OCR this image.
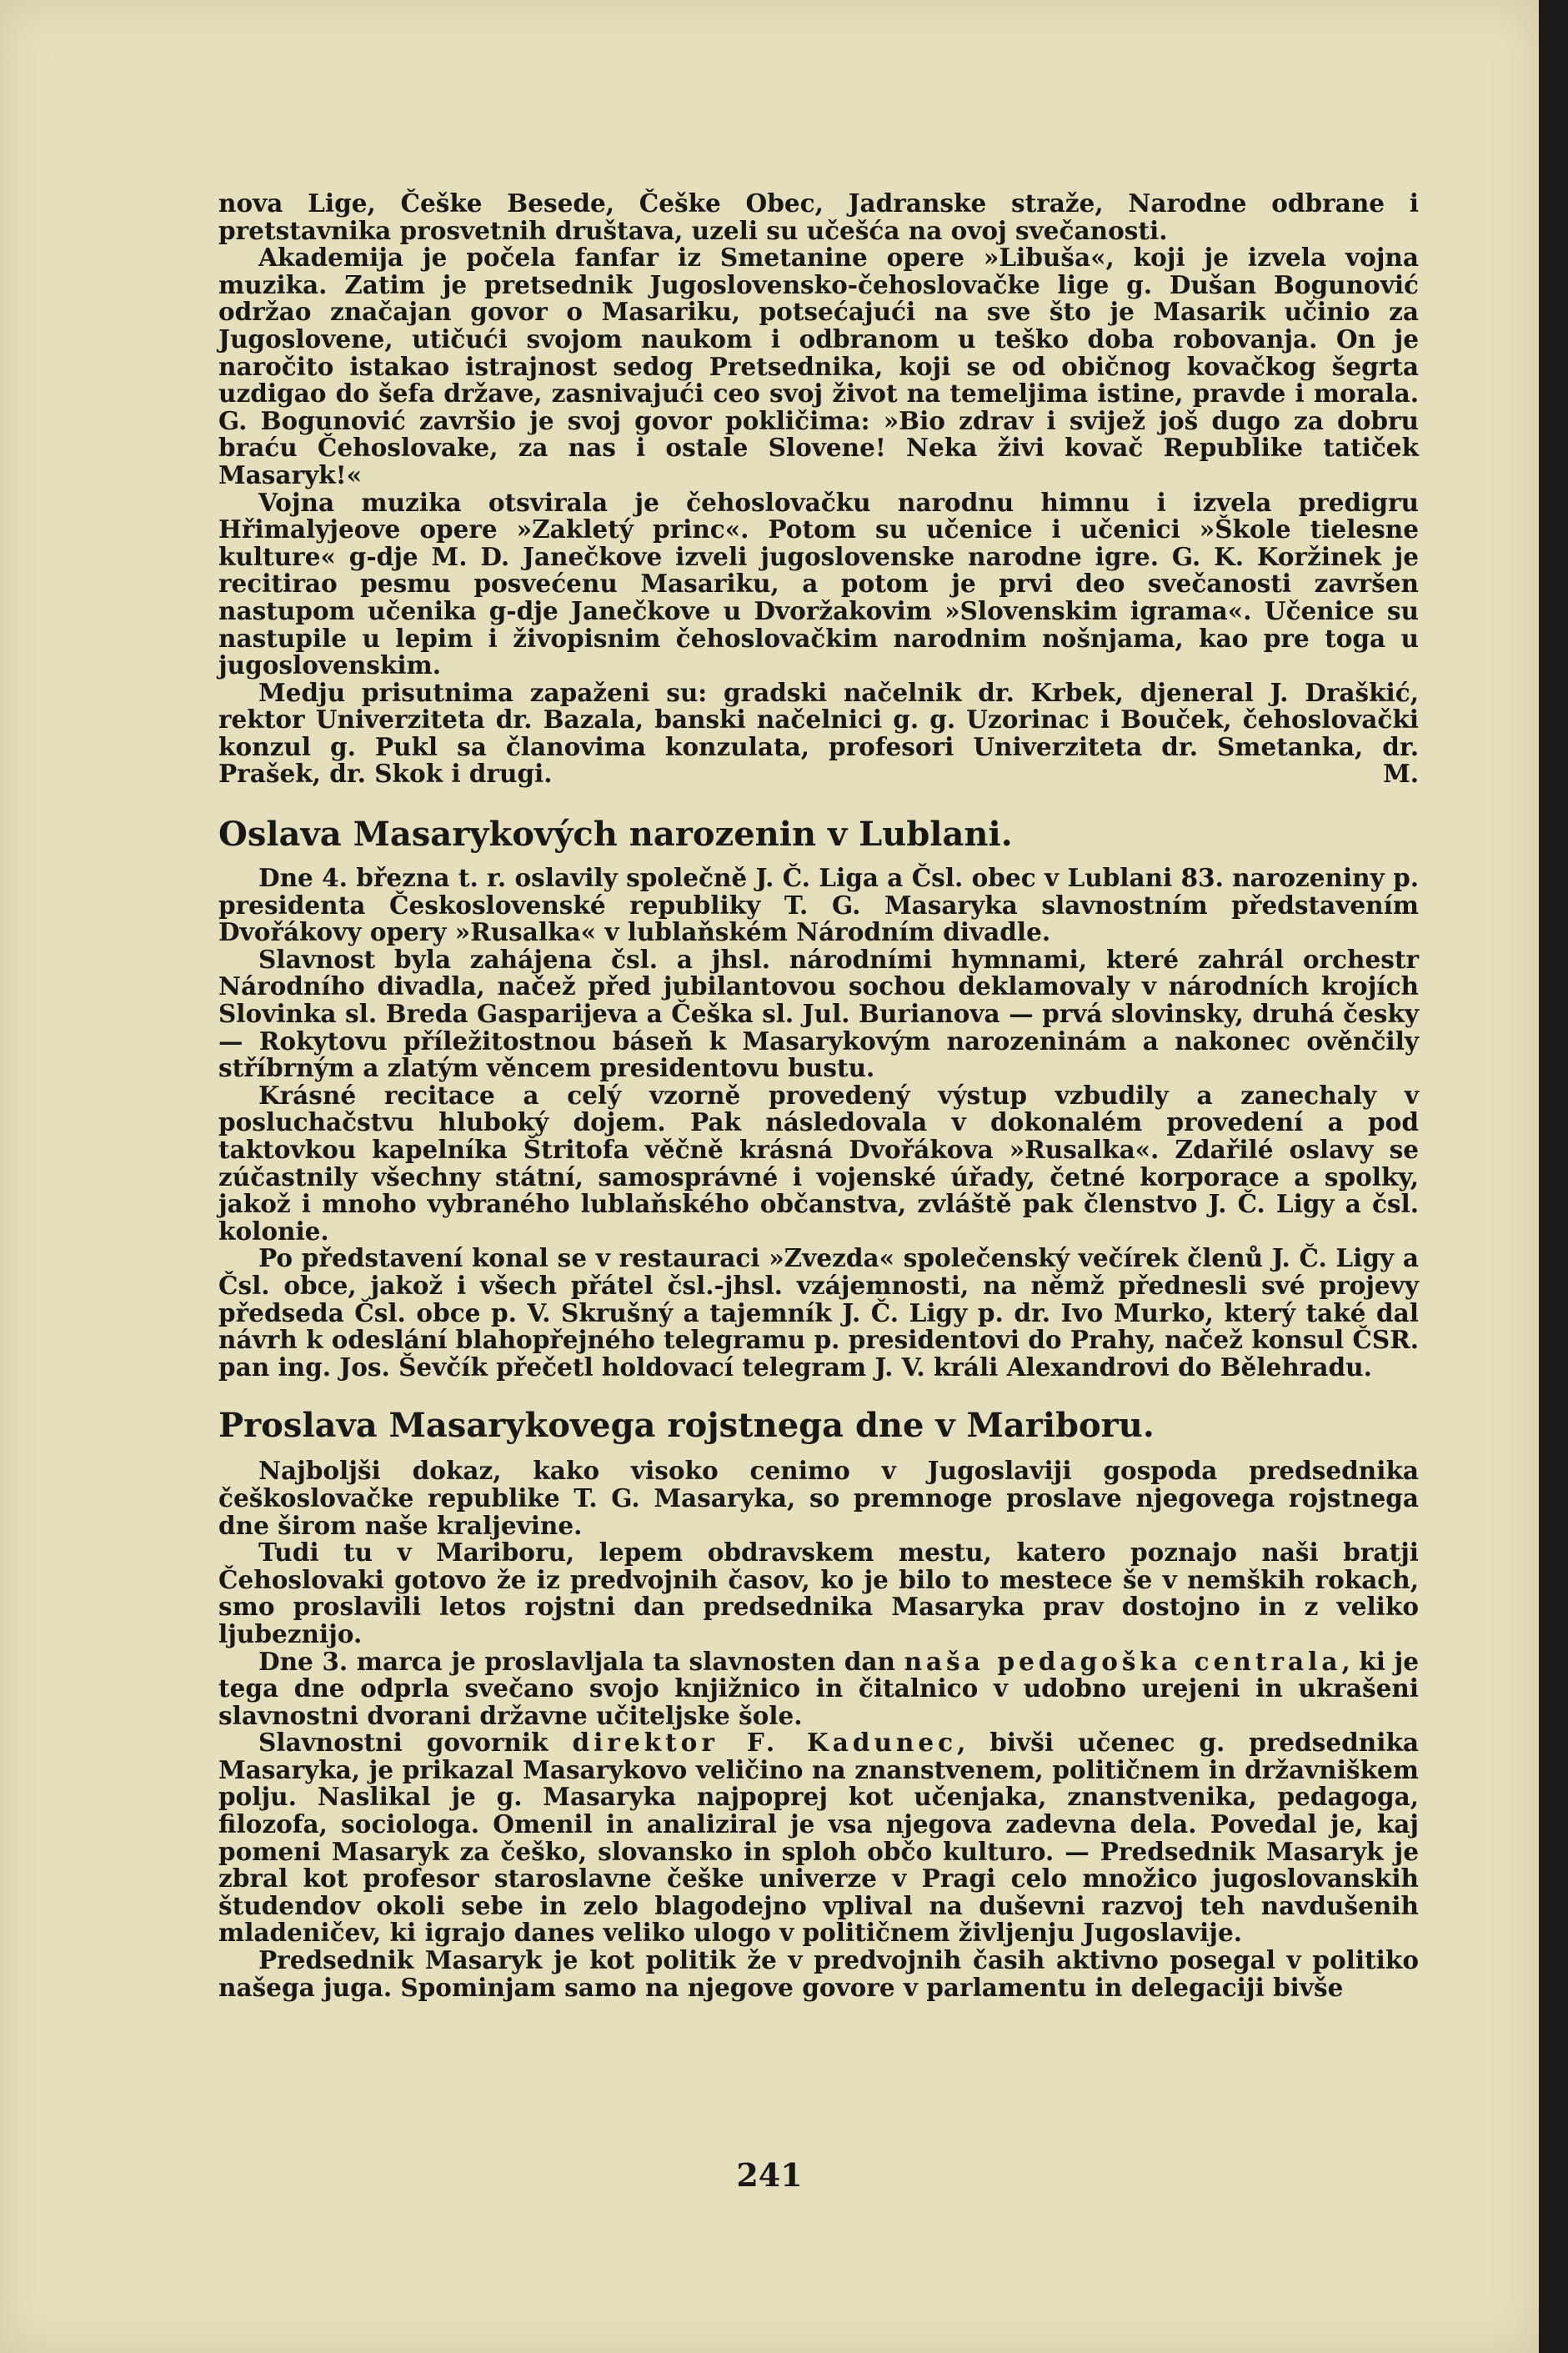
nova Lige, Češke Besede, Češke Obec, Jadranske straže, Narodne odbrane i pretstavnika prosvetnih društava, uzeli su učešća na ovoj svečanosti.

Akademija je počela fanfar iz Smetanine opere »Libuša«, koji je izvela vojna muzika. Zatim je pretsednik Jugoslovensko-čehoslovačke lige g. Dušan Bogunović održao značajan govor o Masariku, potsećajući na sve što je Masarik učinio za Jugoslovene, utičući svojom naukom i odbranom u teško doba robovanja. On je naročito istakao istrajnost sedog Pretsednika, koji se od običnog kovačkog šegrta uzdigao do šefa države, zasnivajući ceo svoj život na temeljima istine, pravde i morala. G. Bogunović završio je svoj govor pokličima: »Bio zdrav i svijež još dugo za dobru braću Čehoslovake, za nas i ostale Slovene! Neka živi kovač Republike tatiček Masaryk!«

Vojna muzika otsvirala je čehoslovačku narodnu himnu i izvela predigru Hřimalyjeove opere »Zakletý princ«. Potom su učenice i učenici »Škole tielesne kulture« g-dje M. D. Janečkove izveli jugoslovenske narodne igre. G. K. Koržinek je recitirao pesmu posvećenu Masariku, a potom je prvi deo svečanosti završen nastupom učenika g-dje Janečkove u Dvoržakovim »Slovenskim igrama«. Učenice su nastupile u lepim i živopisnim čehoslovačkim narodnim nošnjama, kao pre toga u jugoslovenskim.

Medju prisutnima zapaženi su: gradski načelnik dr. Krbek, djeneral J. Draškić, rektor Univerziteta dr. Bazala, banski načelnici g. g. Uzorinac i Bouček, čehoslovački konzul g. Pukl sa članovima konzulata, profesori Univerziteta dr. Smetanka, dr. Prašek, dr. Skok i drugi.	M.

Oslava Masarykových narozenin v Lublani.

Dne 4. března t. r. oslavily společně J. Č. Liga a Čsl. obec v Lublani 83. narozeniny p. presidenta Československé republiky T. G. Masaryka slavnostním představením Dvořákovy opery »Rusalka« v lublaňském Národním divadle.

Slavnost byla zahájena čsl. a jhsl. národními hymnami, které zahrál orchestr Národního divadla, načež před jubilantovou sochou deklamovaly v národních krojích Slovinka sl. Breda Gasparijeva a Češka sl. Jul. Burianova — prvá slovinsky, druhá česky — Rokytovu příležitostnou báseň k Masarykovým narozeninám a nakonec ověnčily stříbrným a zlatým věncem presidentovu bustu.

Krásné recitace a celý vzorně provedený výstup vzbudily a zanechaly v posluchačstvu hluboký dojem. Pak následovala v dokonalém provedení a pod taktovkou kapelníka Štritofa věčně krásná Dvořákova »Rusalka«. Zdařilé oslavy se zúčastnily všechny státní, samosprávné i vojenské úřady, četné korporace a spolky, jakož i mnoho vybraného lublaňského občanstva, zvláště pak členstvo J. Č. Ligy a čsl. kolonie.

Po představení konal se v restauraci »Zvezda« společenský večírek členů J. Č. Ligy a Čsl. obce, jakož i všech přátel čsl.-jhsl. vzájemnosti, na němž přednesli své projevy předseda Čsl. obce p. V. Skrušný a tajemník J. Č. Ligy p. dr. Ivo Murko, který také dal návrh k odeslání blahopřejného telegramu p. presidentovi do Prahy, načež konsul ČSR. pan ing. Jos. Ševčík přečetl holdovací telegram J. V. králi Alexandrovi do Bělehradu.

Proslava Masarykovega rojstnega dne v Mariboru.

Najboljši dokaz, kako visoko cenimo v Jugoslaviji gospoda predsednika češkoslovačke republike T. G. Masaryka, so premnoge proslave njegovega rojstnega dne širom naše kraljevine.

Tudi tu v Mariboru, lepem obdravskem mestu, katero poznajo naši bratji Čehoslovaki gotovo že iz predvojnih časov, ko je bilo to mestece še v nemških rokach, smo proslavili letos rojstni dan predsednika Masaryka prav dostojno in z veliko ljubeznijo.

Dne 3. marca je proslavljala ta slavnosten dan naša pedagoška centrala, ki je tega dne odprla svečano svojo knjižnico in čitalnico v udobno urejeni in ukrašeni slavnostni dvorani državne učiteljske šole.

Slavnostni govornik direktor F. Kadunec, bivši učenec g. predsednika Masaryka, je prikazal Masarykovo veličino na znanstvenem, političnem in državniškem polju. Naslikal je g. Masaryka najpoprej kot učenjaka, znanstvenika, pedagoga, filozofa, sociologa. Omenil in analiziral je vsa njegova zadevna dela. Povedal je, kaj pomeni Masaryk za češko, slovansko in sploh občo kulturo. — Predsednik Masaryk je zbral kot profesor staroslavne češke univerze v Pragi celo množico jugoslovanskih študendov okoli sebe in zelo blagodejno vplival na duševni razvoj teh navdušenih mladeničev, ki igrajo danes veliko ulogo v političnem življenju Jugoslavije.

Predsednik Masaryk je kot politik že v predvojnih časih aktivno posegal v politiko našega juga. Spominjam samo na njegove govore v parlamentu in delegaciji bivše

241
